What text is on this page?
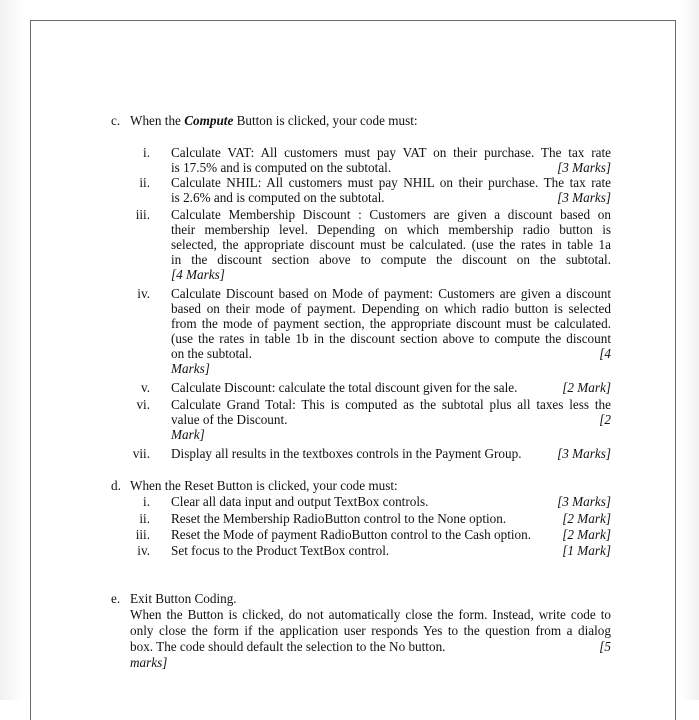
c. When the Compute Button is clicked, your code must:
i. Calculate VAT: All customers must pay VAT on their purchase. The tax rate
is 17.5% and is computed on the subtotal.	[3 Marks]
ii. Calculate NHIL: All customers must pay NHIL on their purchase. The tax rate
is 2.6% and is computed on the subtotal.	[3 Marks]
iii. Calculate Membership Discount : Customers are given a discount based on
their membership level. Depending on which membership radio button is
selected, the appropriate discount must be calculated. (use the rates in table 1a
in the discount section above to compute the discount on the subtotal.
[4 Marks]
iv. Calculate Discount based on Mode of payment: Customers are given a discount
based on their mode of payment. Depending on which radio button is selected
from the mode of payment section, the appropriate discount must be calculated.
(use the rates in table 1b in the discount section above to compute the discount
on the subtotal.	[4
Marks]
v. Calculate Discount: calculate the total discount given for the sale.	[2 Mark]
vi. Calculate Grand Total: This is computed as the subtotal plus all taxes less the
value of the Discount.	[2
Mark]
vii. Display all results in the textboxes controls in the Payment Group.	[3 Marks]
d. When the Reset Button is clicked, your code must:
i. Clear all data input and output TextBox controls.	[3 Marks]
ii. Reset the Membership RadioButton control to the None option.	[2 Mark]
iii. Reset the Mode of payment RadioButton control to the Cash option. [2 Mark]
iv. Set focus to the Product TextBox control.	[1 Mark]
e. Exit Button Coding.
When the Button is clicked, do not automatically close the form. Instead, write code to
only close the form if the application user responds Yes to the question from a dialog
box. The code should default the selection to the No button.	[5
marks]
